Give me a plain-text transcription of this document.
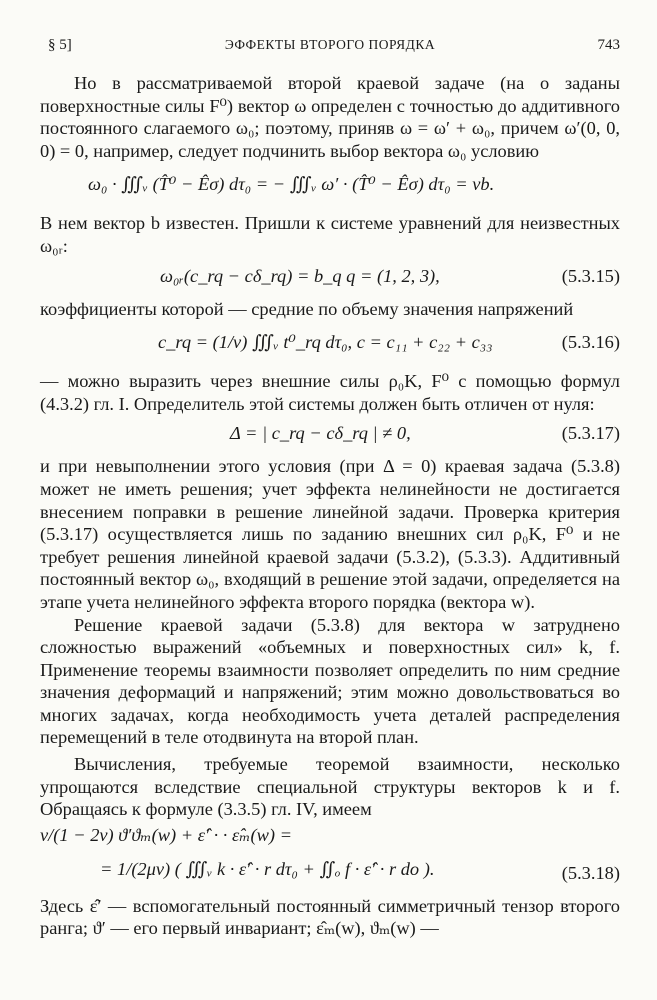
§ 5]	ЭФФЕКТЫ ВТОРОГО ПОРЯДКА	743

Но в рассматриваемой второй краевой задаче (на o заданы поверхностные силы F⁰) вектор ω определен с точностью до аддитивного постоянного слагаемого ω₀; поэтому, приняв ω = ω′ + ω₀, причем ω′(0, 0, 0) = 0, например, следует подчинить выбор вектора ω₀ условию

ω₀ · ∭ᵥ (T̂⁰ − Êσ) dτ₀ = − ∭ᵥ ω′ · (T̂⁰ − Êσ) dτ₀ = vb.

В нем вектор b известен. Пришли к системе уравнений для неизвестных ω₀ᵣ:

ω₀ᵣ(c_rq − cδ_rq) = b_q q = (1, 2, 3),	(5.3.15)

коэффициенты которой — средние по объему значения напряжений

c_rq = (1/v) ∭ᵥ t⁰_rq dτ₀, c = c₁₁ + c₂₂ + c₃₃	(5.3.16)

— можно выразить через внешние силы ρ₀K, F⁰ с помощью формул (4.3.2) гл. I. Определитель этой системы должен быть отличен от нуля:

Δ = | c_rq − cδ_rq | ≠ 0,	(5.3.17)

и при невыполнении этого условия (при Δ = 0) краевая задача (5.3.8) может не иметь решения; учет эффекта нелинейности не достигается внесением поправки в решение линейной задачи. Проверка критерия (5.3.17) осуществляется лишь по заданию внешних сил ρ₀K, F⁰ и не требует решения линейной краевой задачи (5.3.2), (5.3.3). Аддитивный постоянный вектор ω₀, входящий в решение этой задачи, определяется на этапе учета нелинейного эффекта второго порядка (вектора w).

Решение краевой задачи (5.3.8) для вектора w затруднено сложностью выражений «объемных и поверхностных сил» k, f. Применение теоремы взаимности позволяет определить по ним средние значения деформаций и напряжений; этим можно довольствоваться во многих задачах, когда необходимость учета деталей распределения перемещений в теле отодвинута на второй план.

Вычисления, требуемые теоремой взаимности, несколько упрощаются вследствие специальной структуры векторов k и f. Обращаясь к формуле (3.3.5) гл. IV, имеем

ν/(1 − 2ν) ϑ′ϑₘ(w) + ε̂′ · · ε̂ₘ(w) =
= 1/(2μv) ( ∭ᵥ k · ε̂′ · r dτ₀ + ∬ₒ f · ε̂′ · r do ).	(5.3.18)

Здесь ε̂′ — вспомогательный постоянный симметричный тензор второго ранга; ϑ′ — его первый инвариант; ε̂ₘ(w), ϑₘ(w) —
